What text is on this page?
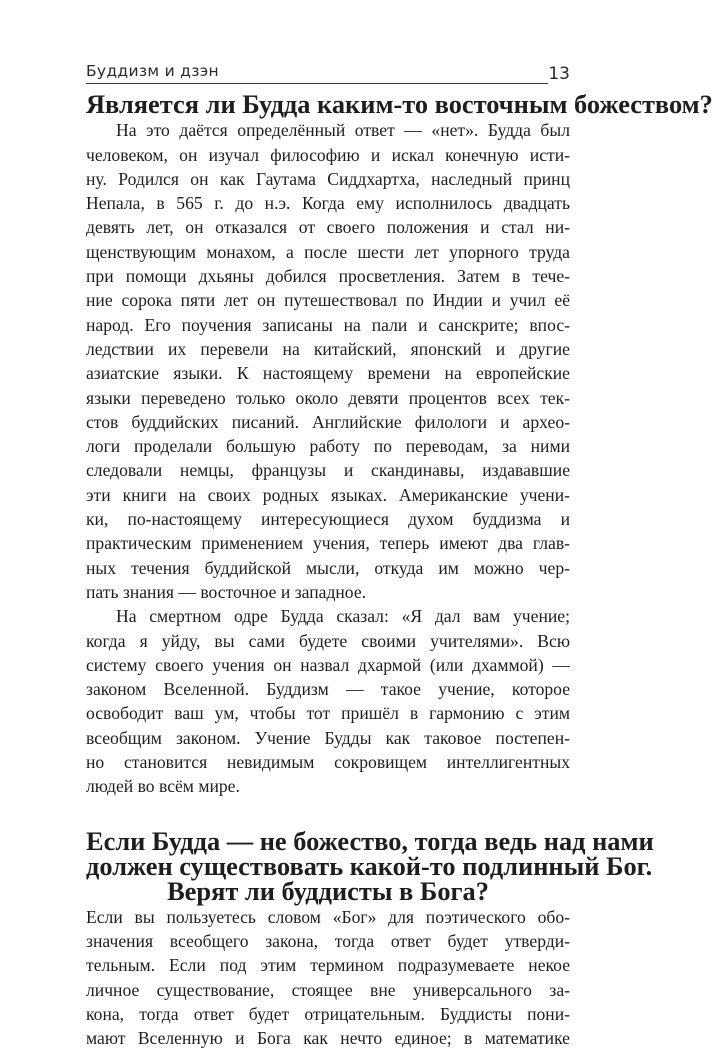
Буддизм и дзэн	13
Является ли Будда каким-то восточным божеством?

На это даётся определённый ответ — «нет». Будда был
человеком, он изучал философию и искал конечную исти-
ну. Родился он как Гаутама Сиддхартха, наследный принц
Непала, в 565 г. до н.э. Когда ему исполнилось двадцать
девять лет, он отказался от своего положения и стал ни-
щенствующим монахом, а после шести лет упорного труда
при помощи дхьяны добился просветления. Затем в тече-
ние сорока пяти лет он путешествовал по Индии и учил её
народ. Его поучения записаны на пали и санскрите; впос-
ледствии их перевели на китайский, японский и другие
азиатские языки. К настоящему времени на европейские
языки переведено только около девяти процентов всех тек-
стов буддийских писаний. Английские филологи и архео-
логи проделали большую работу по переводам, за ними
следовали немцы, французы и скандинавы, издававшие
эти книги на своих родных языках. Американские учени-
ки, по-настоящему интересующиеся духом буддизма и
практическим применением учения, теперь имеют два глав-
ных течения буддийской мысли, откуда им можно чер-
пать знания — восточное и западное.

На смертном одре Будда сказал: «Я дал вам учение;
когда я уйду, вы сами будете своими учителями». Всю
систему своего учения он назвал дхармой (или дхаммой) —
законом Вселенной. Буддизм — такое учение, которое
освободит ваш ум, чтобы тот пришёл в гармонию с этим
всеобщим законом. Учение Будды как таковое постепен-
но становится невидимым сокровищем интеллигентных
людей во всём мире.

Если Будда — не божество, тогда ведь над нами
должен существовать какой-то подлинный Бог.
Верят ли буддисты в Бога?

Если вы пользуетесь словом «Бог» для поэтического обо-
значения всеобщего закона, тогда ответ будет утверди-
тельным. Если под этим термином подразумеваете некое
личное существование, стоящее вне универсального за-
кона, тогда ответ будет отрицательным. Буддисты пони-
мают Вселенную и Бога как нечто единое; в математике
